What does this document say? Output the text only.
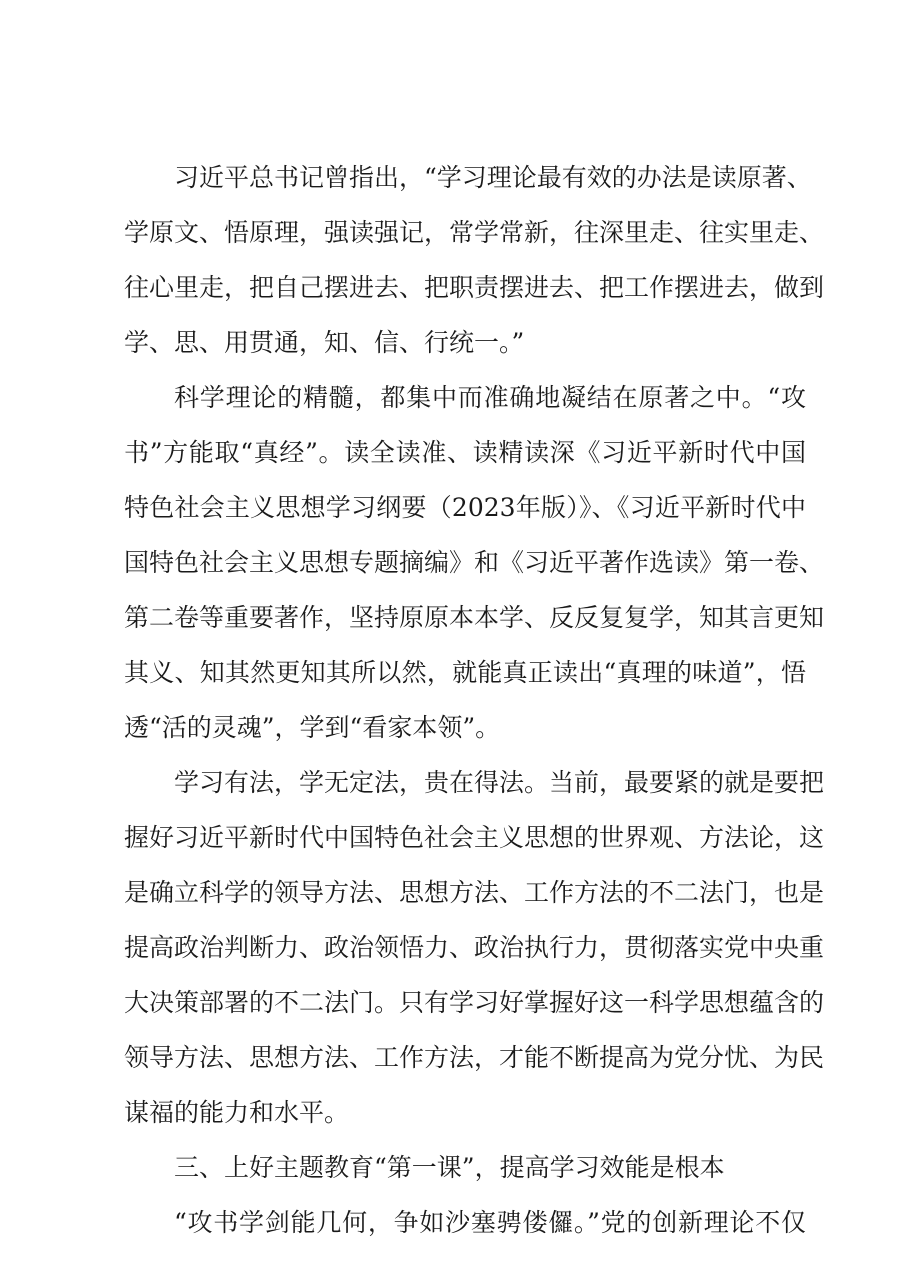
习近平总书记曾指出，“学习理论最有效的办法是读原著、
学原文、悟原理，强读强记，常学常新，往深里走、往实里走、
往心里走，把自己摆进去、把职责摆进去、把工作摆进去，做到
学、思、用贯通，知、信、行统一。”
科学理论的精髓，都集中而准确地凝结在原著之中。“攻
书”方能取“真经”。读全读准、读精读深《习近平新时代中国
特色社会主义思想学习纲要（2023年版）》、《习近平新时代中
国特色社会主义思想专题摘编》和《习近平著作选读》第一卷、
第二卷等重要著作，坚持原原本本学、反反复复学，知其言更知
其义、知其然更知其所以然，就能真正读出“真理的味道”，悟
透“活的灵魂”，学到“看家本领”。
学习有法，学无定法，贵在得法。当前，最要紧的就是要把
握好习近平新时代中国特色社会主义思想的世界观、方法论，这
是确立科学的领导方法、思想方法、工作方法的不二法门，也是
提高政治判断力、政治领悟力、政治执行力，贯彻落实党中央重
大决策部署的不二法门。只有学习好掌握好这一科学思想蕴含的
领导方法、思想方法、工作方法，才能不断提高为党分忧、为民
谋福的能力和水平。
三、上好主题教育“第一课”，提高学习效能是根本
“攻书学剑能几何，争如沙塞骋偻儸。”党的创新理论不仅
